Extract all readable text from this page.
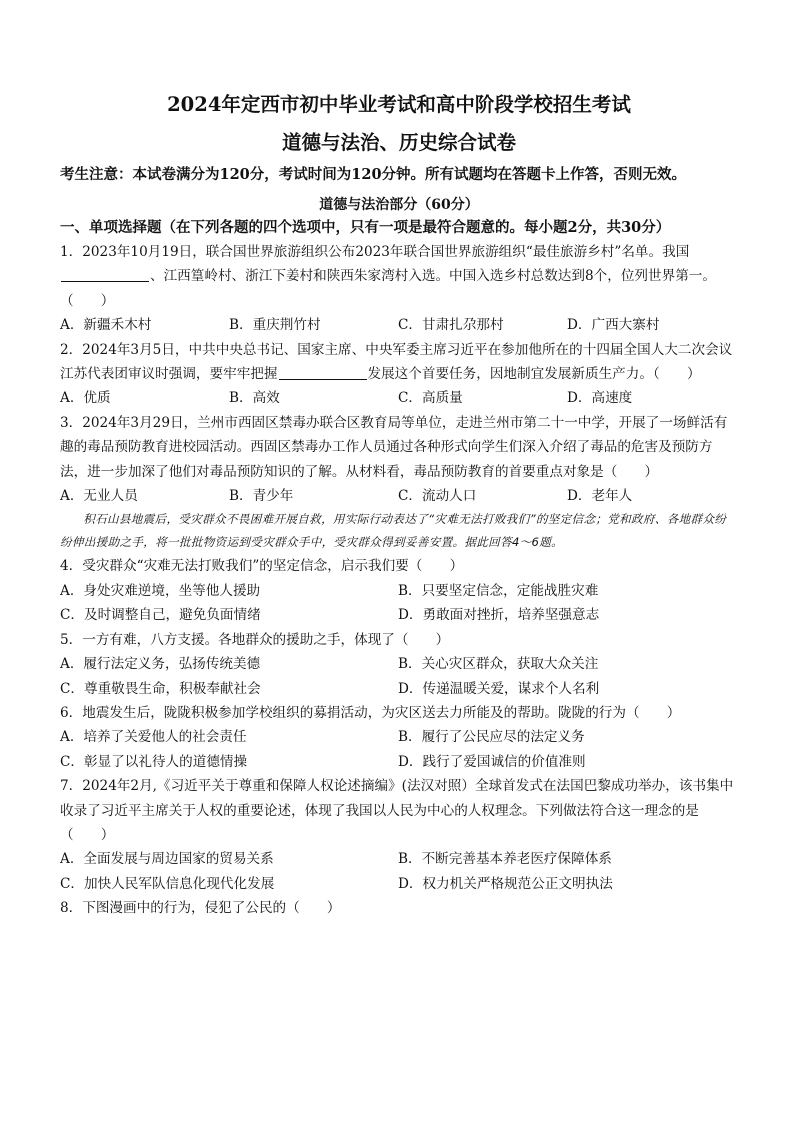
2024年定西市初中毕业考试和高中阶段学校招生考试
道德与法治、历史综合试卷

考生注意：本试卷满分为120分，考试时间为120分钟。所有试题均在答题卡上作答，否则无效。

道德与法治部分（60分）

一、单项选择题（在下列各题的四个选项中，只有一项是最符合题意的。每小题2分，共30分）

1．2023年10月19日，联合国世界旅游组织公布2023年联合国世界旅游组织“最佳旅游乡村”名单。我国
、江西篁岭村、浙江下姜村和陕西朱家湾村入选。中国入选乡村总数达到8个，位列世界第一。（　　）

A．新疆禾木村	B．重庆荆竹村	C．甘肃扎尕那村	D．广西大寨村

2．2024年3月5日，中共中央总书记、国家主席、中央军委主席习近平在参加他所在的十四届全国人大二次会议江苏代表团审议时强调，要牢牢把握	发展这个首要任务，因地制宜发展新质生产力。（　　）

A．优质	B．高效	C．高质量	D．高速度

3．2024年3月29日，兰州市西固区禁毒办联合区教育局等单位，走进兰州市第二十一中学，开展了一场鲜活有趣的毒品预防教育进校园活动。西固区禁毒办工作人员通过各种形式向学生们深入介绍了毒品的危害及预防方法，进一步加深了他们对毒品预防知识的了解。从材料看，毒品预防教育的首要重点对象是（　　）

A．无业人员	B．青少年	C．流动人口	D．老年人

积石山县地震后，受灾群众不畏困难开展自救，用实际行动表达了“灾难无法打败我们”的坚定信念；党和政府、各地群众纷纷伸出援助之手，将一批批物资运到受灾群众手中，受灾群众得到妥善安置。据此回答4～6题。

4．受灾群众“灾难无法打败我们”的坚定信念，启示我们要（　　）

A．身处灾难逆境，坐等他人援助	B．只要坚定信念，定能战胜灾难
C．及时调整自己，避免负面情绪	D．勇敢面对挫折，培养坚强意志

5．一方有难，八方支援。各地群众的援助之手，体现了（　　）

A．履行法定义务，弘扬传统美德	B．关心灾区群众，获取大众关注
C．尊重敬畏生命，积极奉献社会	D．传递温暖关爱，谋求个人名利

6．地震发生后，陇陇积极参加学校组织的募捐活动，为灾区送去力所能及的帮助。陇陇的行为（　　）

A．培养了关爱他人的社会责任	B．履行了公民应尽的法定义务
C．彰显了以礼待人的道德情操	D．践行了爱国诚信的价值准则

7．2024年2月,《习近平关于尊重和保障人权论述摘编》(法汉对照）全球首发式在法国巴黎成功举办，该书集中收录了习近平主席关于人权的重要论述，体现了我国以人民为中心的人权理念。下列做法符合这一理念的是（　　）

A．全面发展与周边国家的贸易关系	B．不断完善基本养老医疗保障体系
C．加快人民军队信息化现代化发展	D．权力机关严格规范公正文明执法

8．下图漫画中的行为，侵犯了公民的（　　）
